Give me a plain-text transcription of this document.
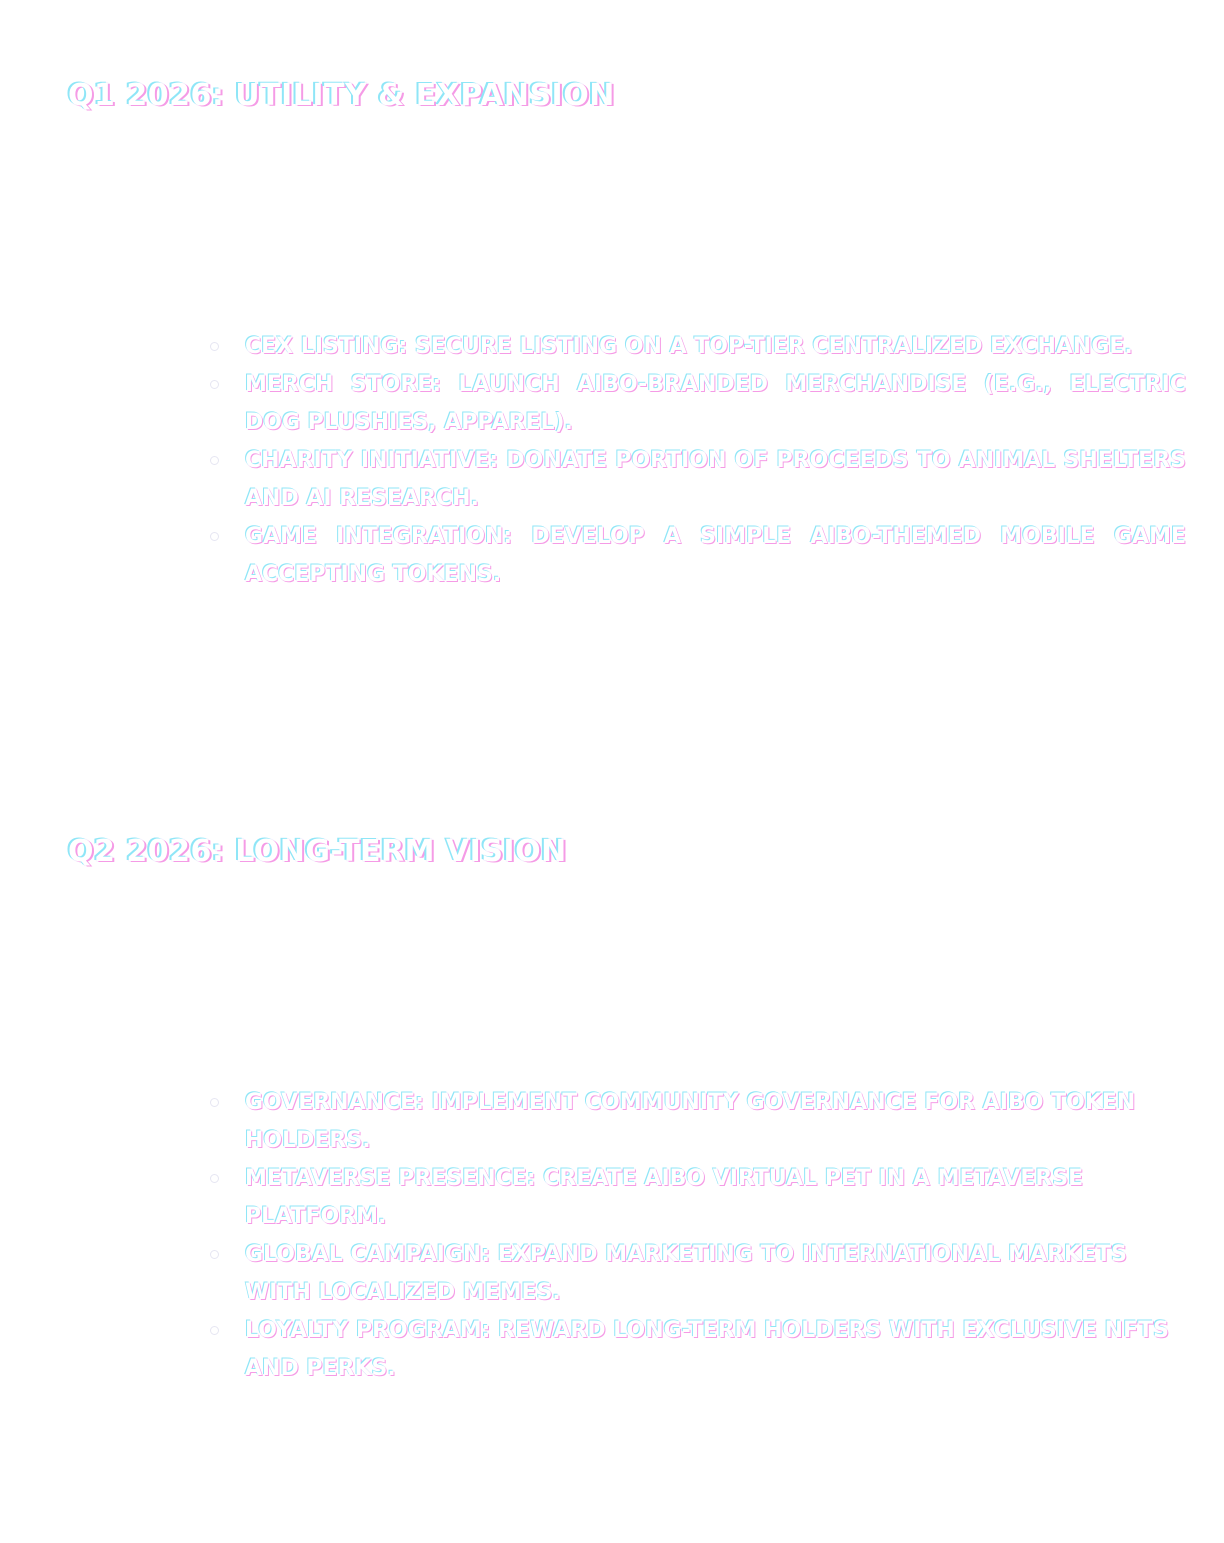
Q1 2026: UTILITY & EXPANSION
CEX LISTING: SECURE LISTING ON A TOP-TIER CENTRALIZED EXCHANGE.
MERCH STORE: LAUNCH AIBO-BRANDED MERCHANDISE (E.G., ELECTRIC DOG PLUSHIES, APPAREL).
CHARITY INITIATIVE: DONATE PORTION OF PROCEEDS TO ANIMAL SHELTERS AND AI RESEARCH.
GAME INTEGRATION: DEVELOP A SIMPLE AIBO-THEMED MOBILE GAME ACCEPTING TOKENS.
Q2 2026: LONG-TERM VISION
GOVERNANCE: IMPLEMENT COMMUNITY GOVERNANCE FOR AIBO TOKEN HOLDERS.
METAVERSE PRESENCE: CREATE AIBO VIRTUAL PET IN A METAVERSE PLATFORM.
GLOBAL CAMPAIGN: EXPAND MARKETING TO INTERNATIONAL MARKETS WITH LOCALIZED MEMES.
LOYALTY PROGRAM: REWARD LONG-TERM HOLDERS WITH EXCLUSIVE NFTS AND PERKS.
